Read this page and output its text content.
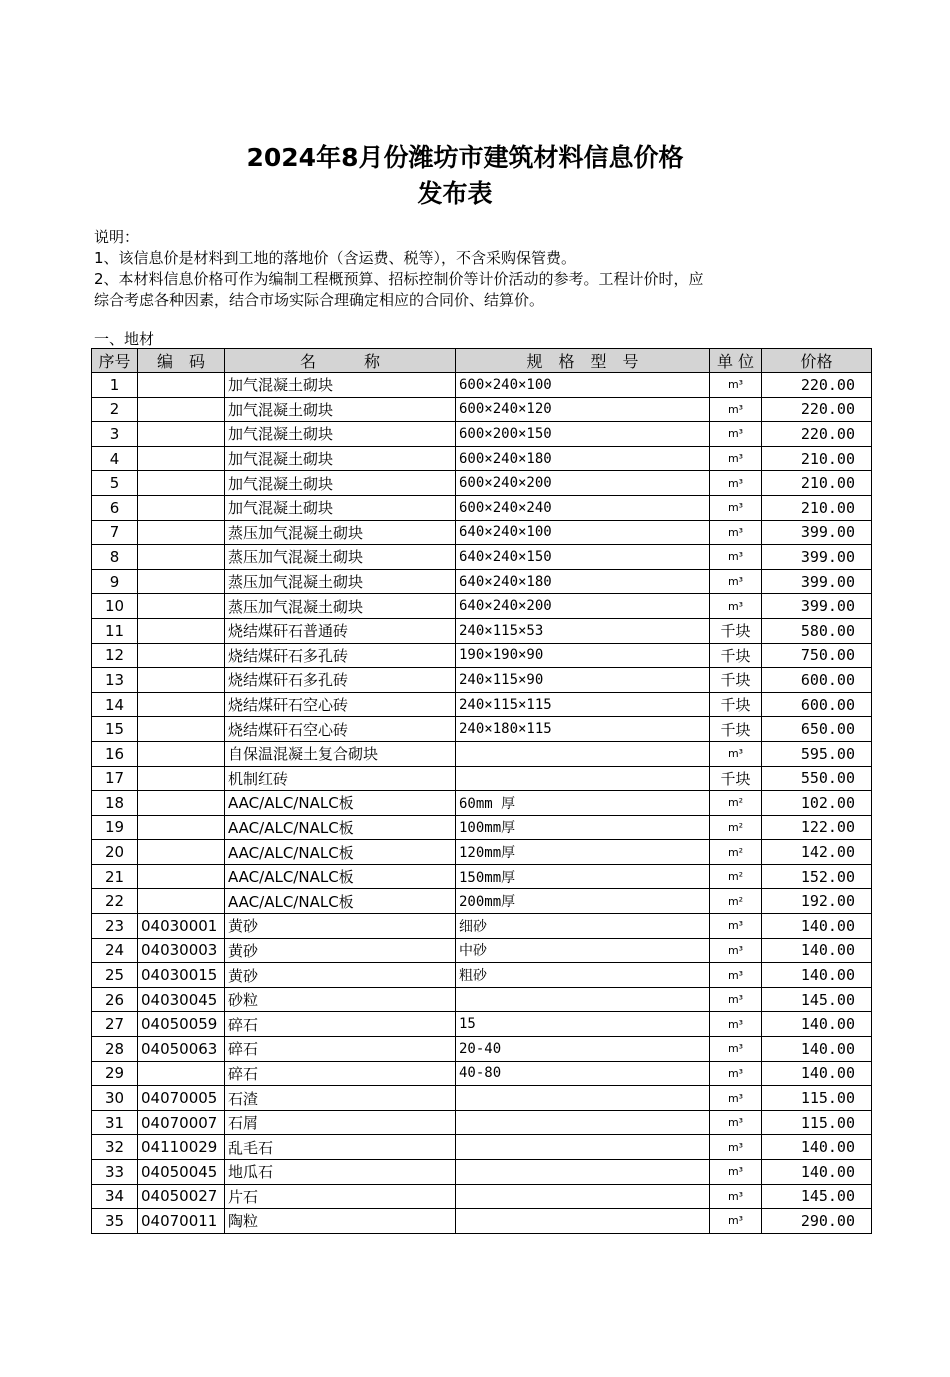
2024年8月份潍坊市建筑材料信息价格
发布表
说明：
1、该信息价是材料到工地的落地价（含运费、税等），不含采购保管费。
2、本材料信息价格可作为编制工程概预算、招标控制价等计价活动的参考。工程计价时，应
综合考虑各种因素，结合市场实际合理确定相应的合同价、结算价。
一、地材
序号	编　码	名　　　称	规　格　型　号	单 位	价格
1		加气混凝土砌块	600×240×100	m³	220.00
2		加气混凝土砌块	600×240×120	m³	220.00
3		加气混凝土砌块	600×200×150	m³	220.00
4		加气混凝土砌块	600×240×180	m³	210.00
5		加气混凝土砌块	600×240×200	m³	210.00
6		加气混凝土砌块	600×240×240	m³	210.00
7		蒸压加气混凝土砌块	640×240×100	m³	399.00
8		蒸压加气混凝土砌块	640×240×150	m³	399.00
9		蒸压加气混凝土砌块	640×240×180	m³	399.00
10		蒸压加气混凝土砌块	640×240×200	m³	399.00
11		烧结煤矸石普通砖	240×115×53	千块	580.00
12		烧结煤矸石多孔砖	190×190×90	千块	750.00
13		烧结煤矸石多孔砖	240×115×90	千块	600.00
14		烧结煤矸石空心砖	240×115×115	千块	600.00
15		烧结煤矸石空心砖	240×180×115	千块	650.00
16		自保温混凝土复合砌块		m³	595.00
17		机制红砖		千块	550.00
18		AAC/ALC/NALC板	60mm 厚	m²	102.00
19		AAC/ALC/NALC板	100mm厚	m²	122.00
20		AAC/ALC/NALC板	120mm厚	m²	142.00
21		AAC/ALC/NALC板	150mm厚	m²	152.00
22		AAC/ALC/NALC板	200mm厚	m²	192.00
23	04030001	黄砂	细砂	m³	140.00
24	04030003	黄砂	中砂	m³	140.00
25	04030015	黄砂	粗砂	m³	140.00
26	04030045	砂粒		m³	145.00
27	04050059	碎石	15	m³	140.00
28	04050063	碎石	20-40	m³	140.00
29		碎石	40-80	m³	140.00
30	04070005	石渣		m³	115.00
31	04070007	石屑		m³	115.00
32	04110029	乱毛石		m³	140.00
33	04050045	地瓜石		m³	140.00
34	04050027	片石		m³	145.00
35	04070011	陶粒		m³	290.00
